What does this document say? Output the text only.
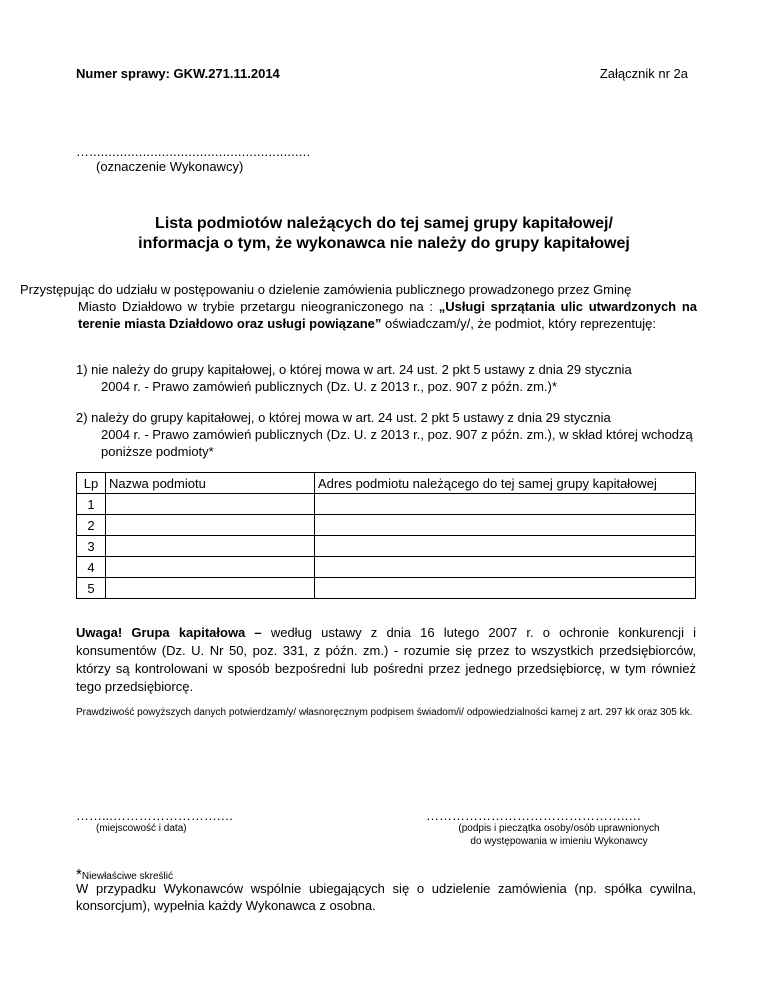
Numer sprawy: GKW.271.11.2014	Załącznik nr 2a
…..........................................................
(oznaczenie Wykonawcy)
Lista podmiotów należących do tej samej grupy kapitałowej/
informacja o tym, że wykonawca nie należy do grupy kapitałowej
Przystępując do udziału w postępowaniu o dzielenie zamówienia publicznego prowadzonego przez Gminę
Miasto Działdowo w trybie przetargu nieograniczonego na : „Usługi sprzątania ulic utwardzonych na terenie miasta Działdowo oraz usługi powiązane” oświadczam/y/, że podmiot, który reprezentuję:
1) nie należy do grupy kapitałowej, o której mowa w art. 24 ust. 2 pkt 5 ustawy z dnia 29 stycznia
2004 r. - Prawo zamówień publicznych (Dz. U. z 2013 r., poz. 907 z późn. zm.)*
2) należy do grupy kapitałowej, o której mowa w art. 24 ust. 2 pkt 5 ustawy z dnia 29 stycznia
2004 r. - Prawo zamówień publicznych (Dz. U. z 2013 r., poz. 907 z późn. zm.), w skład której wchodzą poniższe podmioty*
Lp	Nazwa podmiotu	Adres podmiotu należącego do tej samej grupy kapitałowej
1		
2		
3		
4		
5		
Uwaga! Grupa kapitałowa – według ustawy z dnia 16 lutego 2007 r. o ochronie konkurencji i konsumentów (Dz. U. Nr 50, poz. 331, z późn. zm.) - rozumie się przez to wszystkich przedsiębiorców, którzy są kontrolowani w sposób bezpośredni lub pośredni przez jednego przedsiębiorcę, w tym również tego przedsiębiorcę.
Prawdziwość powyższych danych potwierdzam/y/ własnoręcznym podpisem świadom/i/ odpowiedzialności karnej z art. 297 kk oraz 305 kk.
……...…………………….…
(miejscowość i data)
………………………………………..…
(podpis i pieczątka osoby/osób uprawnionych
do występowania w imieniu Wykonawcy
*Niewłaściwe skreślić
W przypadku Wykonawców wspólnie ubiegających się o udzielenie zamówienia (np. spółka cywilna, konsorcjum), wypełnia każdy Wykonawca z osobna.
